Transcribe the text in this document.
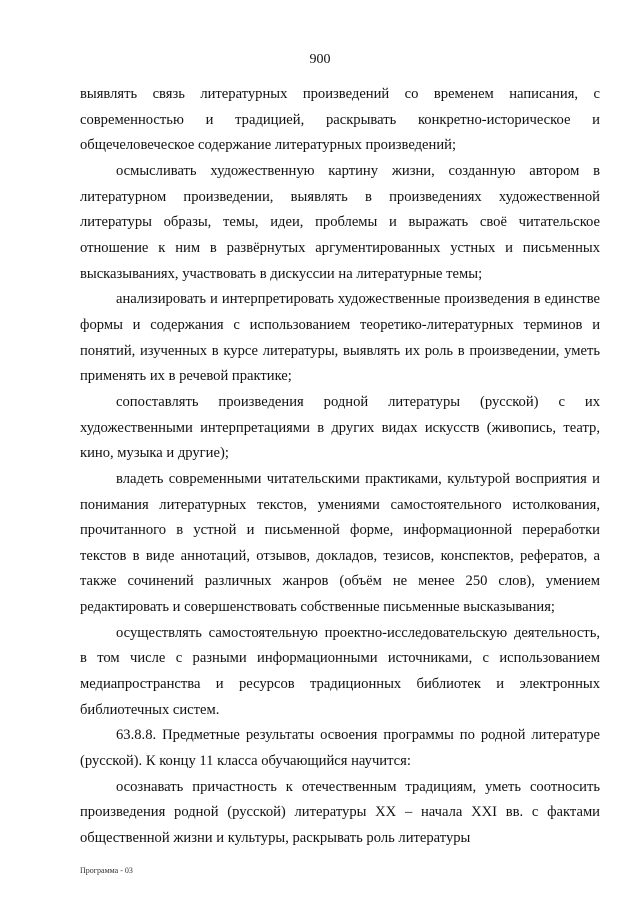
900

выявлять связь литературных произведений со временем написания, с современностью и традицией, раскрывать конкретно-историческое и общечеловеческое содержание литературных произведений;

осмысливать художественную картину жизни, созданную автором в литературном произведении, выявлять в произведениях художественной литературы образы, темы, идеи, проблемы и выражать своё читательское отношение к ним в развёрнутых аргументированных устных и письменных высказываниях, участвовать в дискуссии на литературные темы;

анализировать и интерпретировать художественные произведения в единстве формы и содержания с использованием теоретико-литературных терминов и понятий, изученных в курсе литературы, выявлять их роль в произведении, уметь применять их в речевой практике;

сопоставлять произведения родной литературы (русской) с их художественными интерпретациями в других видах искусств (живопись, театр, кино, музыка и другие);

владеть современными читательскими практиками, культурой восприятия и понимания литературных текстов, умениями самостоятельного истолкования, прочитанного в устной и письменной форме, информационной переработки текстов в виде аннотаций, отзывов, докладов, тезисов, конспектов, рефератов, а также сочинений различных жанров (объём не менее 250 слов), умением редактировать и совершенствовать собственные письменные высказывания;

осуществлять самостоятельную проектно-исследовательскую деятельность, в том числе с разными информационными источниками, с использованием медиапространства и ресурсов традиционных библиотек и электронных библиотечных систем.

63.8.8. Предметные результаты освоения программы по родной литературе (русской). К концу 11 класса обучающийся научится:

осознавать причастность к отечественным традициям, уметь соотносить произведения родной (русской) литературы XX – начала XXI вв. с фактами общественной жизни и культуры, раскрывать роль литературы

Программа - 03
